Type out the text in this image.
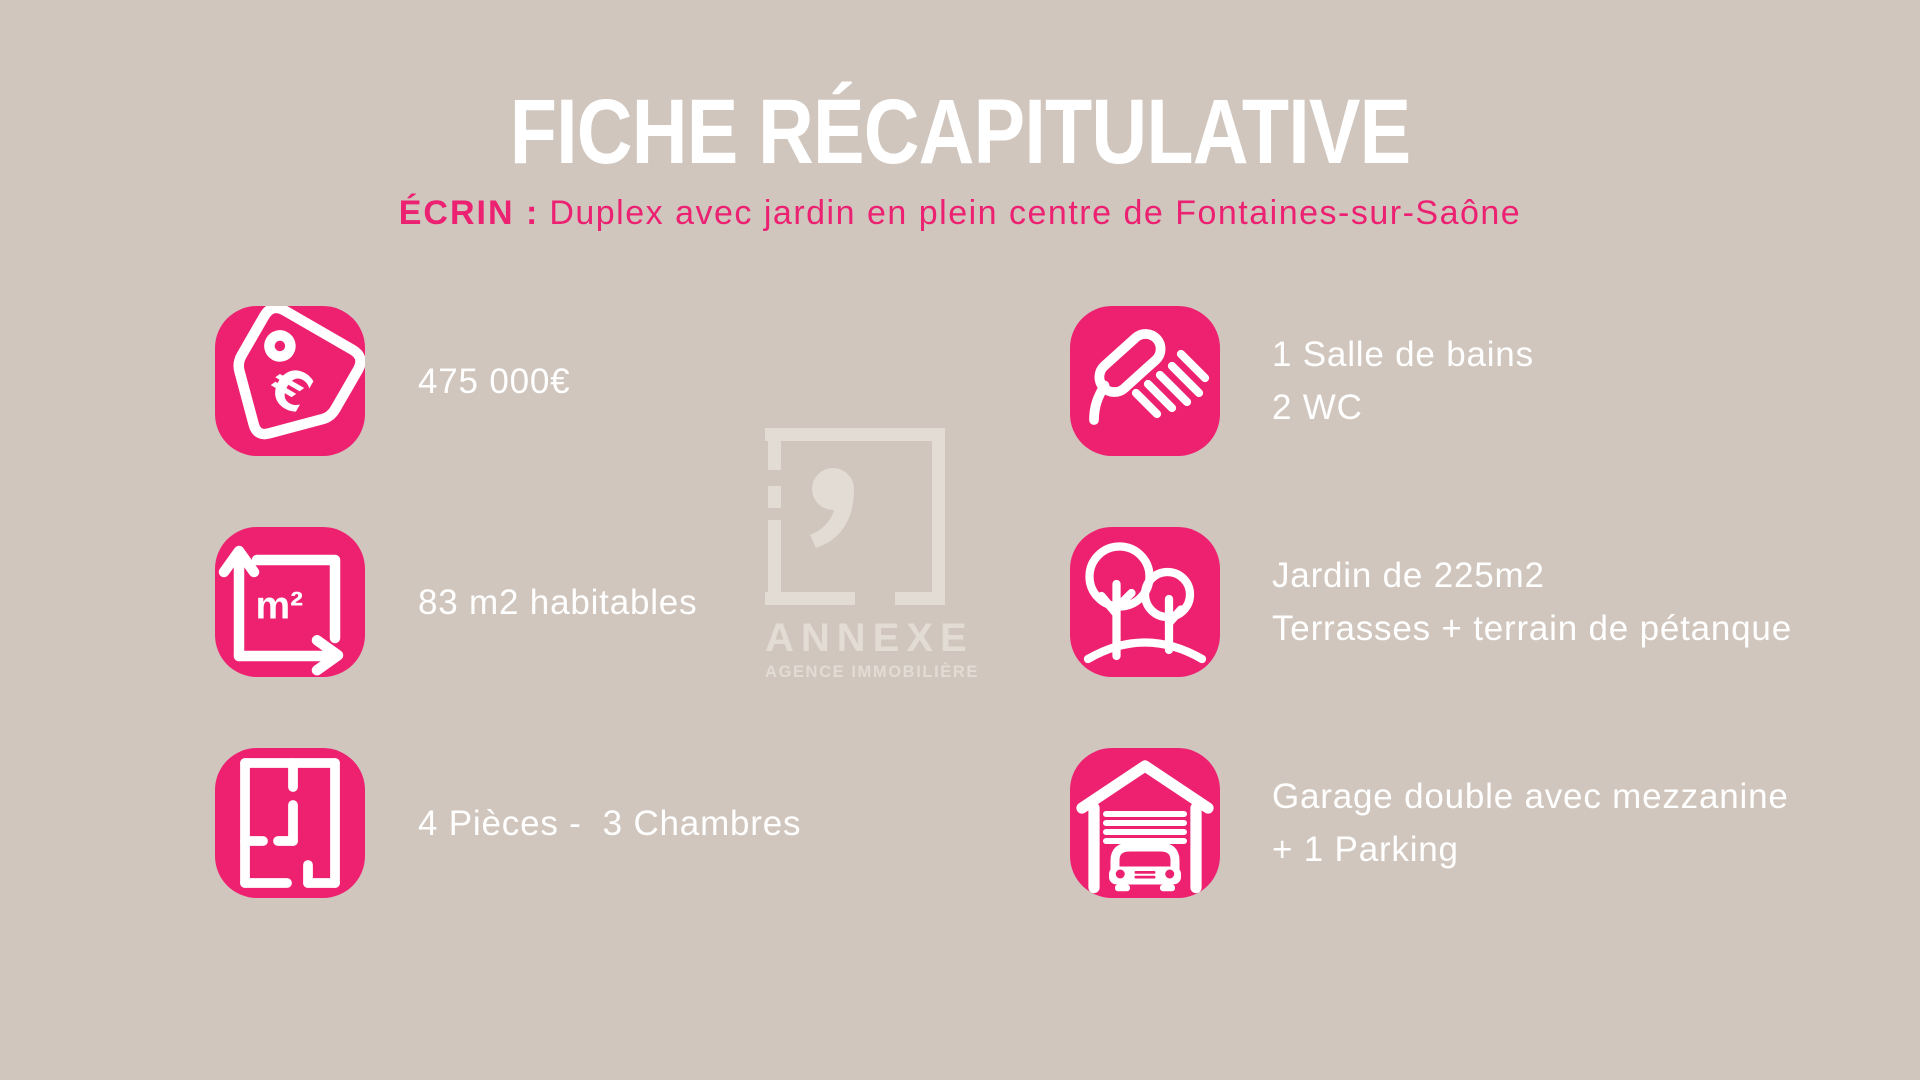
FICHE RÉCAPITULATIVE
ÉCRIN : Duplex avec jardin en plein centre de Fontaines-sur-Saône
€	475 000€
m²	83 m2 habitables
4 Pièces -  3 Chambres
1 Salle de bains
2 WC
Jardin de 225m2
Terrasses + terrain de pétanque
Garage double avec mezzanine
+ 1 Parking
ANNEXE
AGENCE IMMOBILIÈRE
